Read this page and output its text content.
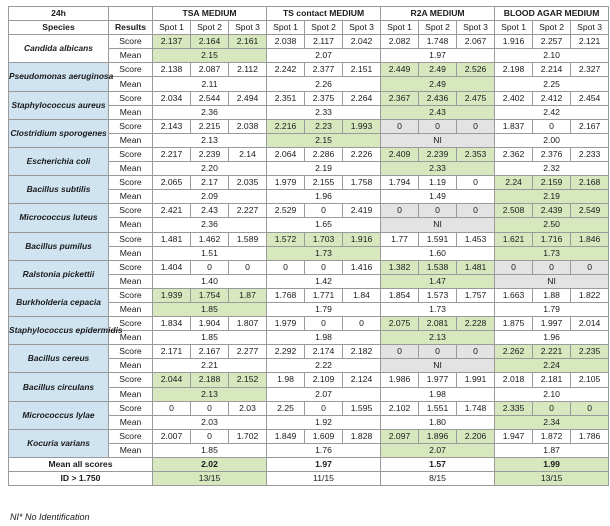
24h		TSA MEDIUM			TS contact MEDIUM			R2A MEDIUM			BLOOD AGAR MEDIUM		
Species	Results	Spot 1	Spot 2	Spot 3	Spot 1	Spot 2	Spot 3	Spot 1	Spot 2	Spot 3	Spot 1	Spot 2	Spot 3
Candida albicans	Score	2.137	2.164	2.161	2.038	2.117	2.042	2.082	1.748	2.067	1.916	2.257	2.121
	Mean	2.15			2.07			1.97			2.10		
Pseudomonas aeruginosa	Score	2.138	2.087	2.112	2.242	2.377	2.151	2.449	2.49	2.526	2.198	2.214	2.327
	Mean	2.11			2.26			2.49			2.25		
Staphylococcus aureus	Score	2.034	2.544	2.494	2.351	2.375	2.264	2.367	2.436	2.475	2.402	2.412	2.454
	Mean	2.36			2.33			2.43			2.42		
Clostridium sporogenes	Score	2.143	2.215	2.038	2.216	2.23	1.993	0	0	0	1.837	0	2.167
	Mean	2.13			2.15			NI			2.00		
Escherichia coli	Score	2.217	2.239	2.14	2.064	2.286	2.226	2.409	2.239	2.353	2.362	2.376	2.233
	Mean	2.20			2.19			2.33			2.32		
Bacillus subtilis	Score	2.065	2.17	2.035	1.979	2.155	1.758	1.794	1.19	0	2.24	2.159	2.168
	Mean	2.09			1.96			1.49			2.19		
Micrococcus luteus	Score	2.421	2.43	2.227	2.529	0	2.419	0	0	0	2.508	2.439	2.549
	Mean	2.36			1.65			NI			2.50		
Bacillus pumilus	Score	1.481	1.462	1.589	1.572	1.703	1.916	1.77	1.591	1.453	1.621	1.716	1.846
	Mean	1.51			1.73			1.60			1.73		
Ralstonia pickettii	Score	1.404	0	0	0	0	1.416	1.382	1.538	1.481	0	0	0
	Mean	1.40			1.42			1.47			NI		
Burkholderia cepacia	Score	1.939	1.754	1.87	1.768	1.771	1.84	1.854	1.573	1.757	1.663	1.88	1.822
	Mean	1.85			1.79			1.73			1.79		
Staphylococcus epidermidis	Score	1.834	1.904	1.807	1.979	0	0	2.075	2.081	2.228	1.875	1.997	2.014
	Mean	1.85			1.98			2.13			1.96		
Bacillus cereus	Score	2.171	2.167	2.277	2.292	2.174	2.182	0	0	0	2.262	2.221	2.235
	Mean	2.21			2.22			NI			2.24		
Bacillus circulans	Score	2.044	2.188	2.152	1.98	2.109	2.124	1.986	1.977	1.991	2.018	2.181	2.105
	Mean	2.13			2.07			1.98			2.10		
Micrococcus lylae	Score	0	0	2.03	2.25	0	1.595	2.102	1.551	1.748	2.335	0	0
	Mean	2.03			1.92			1.80			2.34		
Kocuria varians	Score	2.007	0	1.702	1.849	1.609	1.828	2.097	1.896	2.206	1.947	1.872	1.786
	Mean	1.85			1.76			2.07			1.87		
Mean all scores		2.02			1.97			1.57			1.99		
ID > 1.750		13/15			11/15			8/15			13/15		
NI* No Identification
